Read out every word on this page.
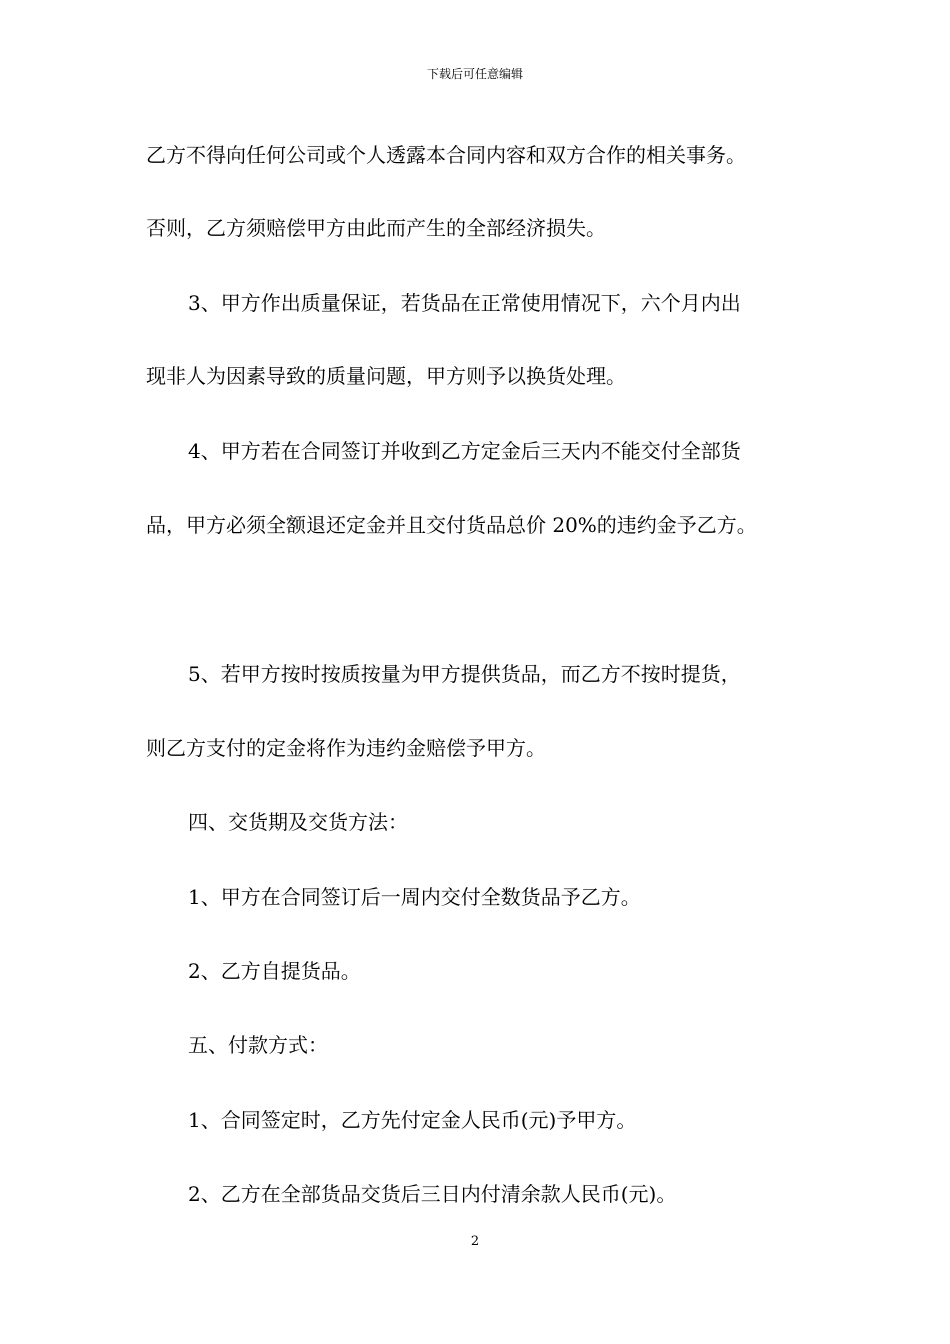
下载后可任意编辑
乙方不得向任何公司或个人透露本合同内容和双方合作的相关事务。
否则，乙方须赔偿甲方由此而产生的全部经济损失。
3、甲方作出质量保证，若货品在正常使用情况下，六个月内出
现非人为因素导致的质量问题，甲方则予以换货处理。
4、甲方若在合同签订并收到乙方定金后三天内不能交付全部货
品，甲方必须全额退还定金并且交付货品总价 20%的违约金予乙方。
5、若甲方按时按质按量为甲方提供货品，而乙方不按时提货，
则乙方支付的定金将作为违约金赔偿予甲方。
四、交货期及交货方法：
1、甲方在合同签订后一周内交付全数货品予乙方。
2、乙方自提货品。
五、付款方式：
1、合同签定时，乙方先付定金人民币(元)予甲方。
2、乙方在全部货品交货后三日内付清余款人民币(元)。
2
